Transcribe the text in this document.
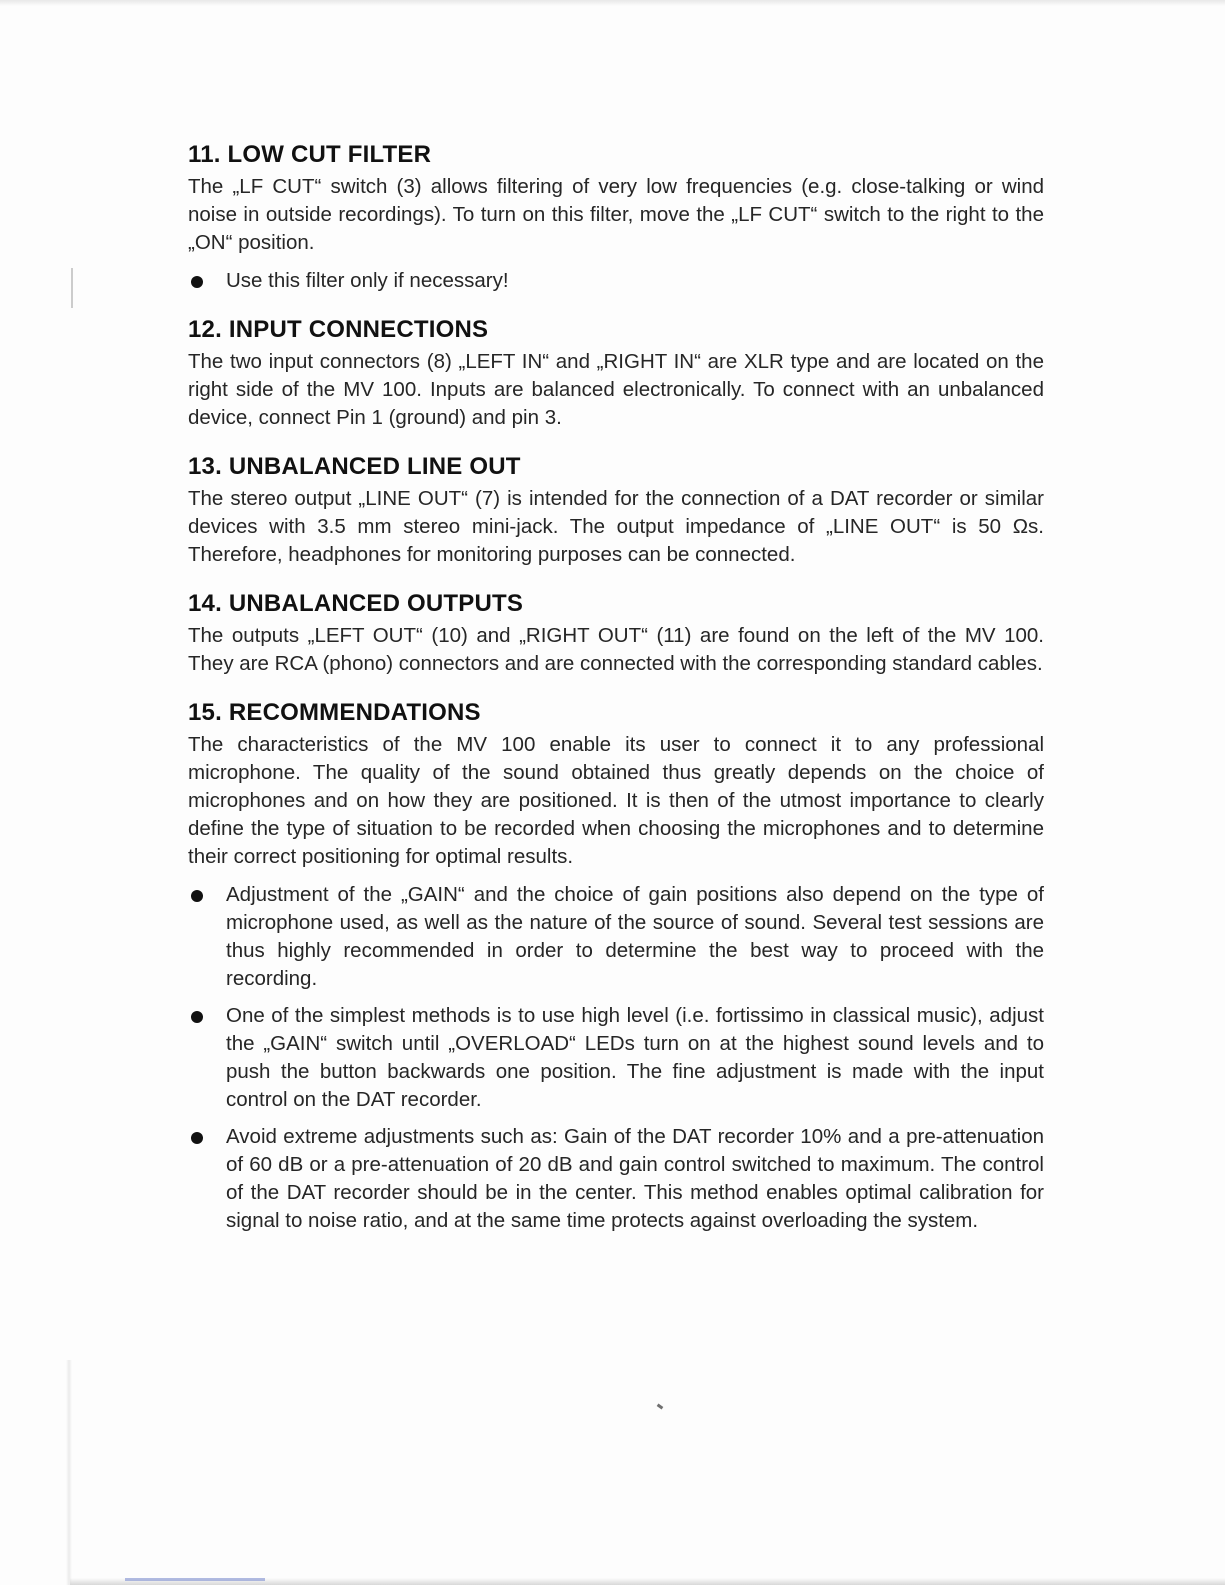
11. LOW CUT FILTER

The „LF CUT“ switch (3) allows filtering of very low frequencies (e.g. close-talking or wind noise in outside recordings). To turn on this filter, move the „LF CUT“ switch to the right to the „ON“ position.

Use this filter only if necessary!
12. INPUT CONNECTIONS

The two input connectors (8) „LEFT IN“ and „RIGHT IN“ are XLR type and are located on the right side of the MV 100. Inputs are balanced electronically. To connect with an unbalanced device, connect Pin 1 (ground) and pin 3.

13. UNBALANCED LINE OUT

The stereo output „LINE OUT“ (7) is intended for the connection of a DAT recorder or similar devices with 3.5 mm stereo mini-jack. The output impedance of „LINE OUT“ is 50 Ωs. Therefore, headphones for monitoring purposes can be connected.

14. UNBALANCED OUTPUTS

The outputs „LEFT OUT“ (10) and „RIGHT OUT“ (11) are found on the left of the MV 100. They are RCA (phono) connectors and are connected with the corresponding standard cables.

15. RECOMMENDATIONS

The characteristics of the MV 100 enable its user to connect it to any professional microphone. The quality of the sound obtained thus greatly depends on the choice of microphones and on how they are positioned. It is then of the utmost importance to clearly define the type of situation to be recorded when choosing the microphones and to determine their correct positioning for optimal results.

Adjustment of the „GAIN“ and the choice of gain positions also depend on the type of microphone used, as well as the nature of the source of sound. Several test sessions are thus highly recommended in order to determine the best way to proceed with the recording.
One of the simplest methods is to use high level (i.e. fortissimo in classical music), adjust the „GAIN“ switch until „OVERLOAD“ LEDs turn on at the highest sound levels and to push the button backwards one position. The fine adjustment is made with the input control on the DAT recorder.
Avoid extreme adjustments such as: Gain of the DAT recorder 10% and a pre-attenuation of 60 dB or a pre-attenuation of 20 dB and gain control switched to maximum. The control of the DAT recorder should be in the center. This method enables optimal calibration for signal to noise ratio, and at the same time protects against overloading the system.
